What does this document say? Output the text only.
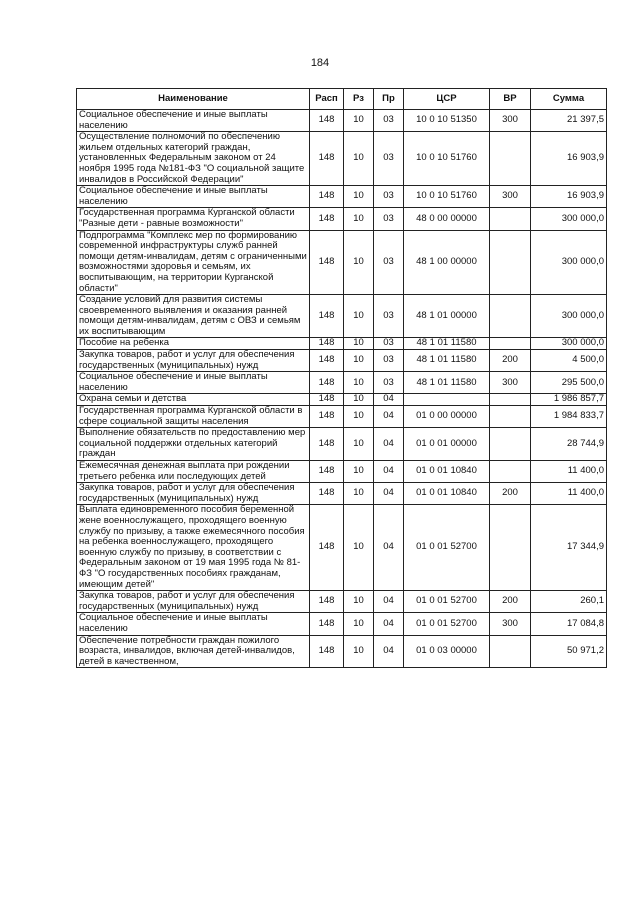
184
Наименование	Расп	Рз	Пр	ЦСР	ВР	Сумма
Социальное обеспечение и иные выплаты населению	148	10	03	10 0 10 51350	300	21 397,5
Осуществление полномочий по обеспечению жильем отдельных категорий граждан, установленных Федеральным законом от 24 ноября 1995 года №181-ФЗ "О социальной защите инвалидов в Российской Федерации"	148	10	03	10 0 10 51760		16 903,9
Социальное обеспечение и иные выплаты населению	148	10	03	10 0 10 51760	300	16 903,9
Государственная программа Курганской области "Разные дети - равные возможности"	148	10	03	48 0 00 00000		300 000,0
Подпрограмма "Комплекс мер по формированию современной инфраструктуры служб ранней помощи детям-инвалидам, детям с ограниченными возможностями здоровья и семьям, их воспитывающим, на территории Курганской области"	148	10	03	48 1 00 00000		300 000,0
Создание условий для развития системы своевременного выявления и оказания ранней помощи детям-инвалидам, детям с ОВЗ и семьям их воспитывающим	148	10	03	48 1 01 00000		300 000,0
Пособие на ребенка	148	10	03	48 1 01 11580		300 000,0
Закупка товаров, работ и услуг для обеспечения государственных (муниципальных) нужд	148	10	03	48 1 01 11580	200	4 500,0
Социальное обеспечение и иные выплаты населению	148	10	03	48 1 01 11580	300	295 500,0
Охрана семьи и детства	148	10	04			1 986 857,7
Государственная программа Курганской области в сфере социальной защиты населения	148	10	04	01 0 00 00000		1 984 833,7
Выполнение обязательств по предоставлению мер социальной поддержки отдельных категорий граждан	148	10	04	01 0 01 00000		28 744,9
Ежемесячная денежная выплата при рождении третьего ребенка или последующих детей	148	10	04	01 0 01 10840		11 400,0
Закупка товаров, работ и услуг для обеспечения государственных (муниципальных) нужд	148	10	04	01 0 01 10840	200	11 400,0
Выплата единовременного пособия беременной жене военнослужащего, проходящего военную службу по призыву, а также ежемесячного пособия на ребенка военнослужащего, проходящего военную службу по призыву, в соответствии с Федеральным законом от 19 мая 1995 года № 81-ФЗ "О государственных пособиях гражданам, имеющим детей"	148	10	04	01 0 01 52700		17 344,9
Закупка товаров, работ и услуг для обеспечения государственных (муниципальных) нужд	148	10	04	01 0 01 52700	200	260,1
Социальное обеспечение и иные выплаты населению	148	10	04	01 0 01 52700	300	17 084,8
Обеспечение потребности граждан пожилого возраста, инвалидов, включая детей-инвалидов, детей в качественном,	148	10	04	01 0 03 00000		50 971,2
